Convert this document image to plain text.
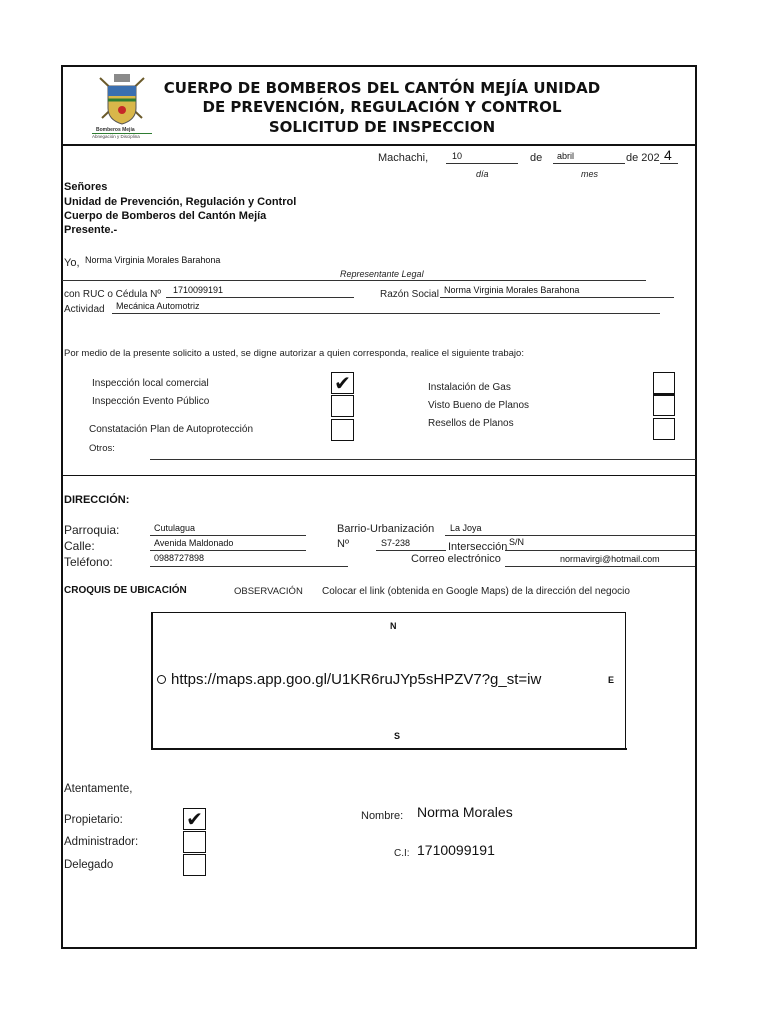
Bomberos Mejía
Abnegación y Disciplina
CUERPO DE BOMBEROS DEL CANTÓN MEJÍA UNIDAD
DE PREVENCIÓN, REGULACIÓN Y CONTROL
SOLICITUD DE INSPECCION
Machachi,	10
día
de abril
mes
de 202 4
Señores
Unidad de Prevención, Regulación y Control
Cuerpo de Bomberos del Cantón Mejía
Presente.-
Yo, Norma Virginia Morales Barahona
Representante Legal
con RUC o Cédula Nº 1710099191	Razón Social Norma Virginia Morales Barahona
Actividad Mecánica Automotriz
Por medio de la presente solicito a usted, se digne autorizar a quien corresponda, realice el siguiente trabajo:
Inspección local comercial	✔
Inspección Evento Público
Constatación Plan de Autoprotección
Instalación de Gas
Visto Bueno de Planos
Resellos de Planos
Otros:
DIRECCIÓN:
Parroquia:	Cutulagua
Calle:	Avenida Maldonado
Teléfono:	0988727898
Barrio-Urbanización La Joya
Nº	S7-238	Intersección S/N
Correo electrónico	normavirgi@hotmail.com
CROQUIS DE UBICACIÓN	OBSERVACIÓN Colocar el link (obtenida en Google Maps) de la dirección del negocio
N
S
E
https://maps.app.goo.gl/U1KR6ruJYp5sHPZV7?g_st=iw
Atentamente,
Propietario:	✔
Administrador:
Delegado
Nombre: Norma Morales
C.I: 1710099191
